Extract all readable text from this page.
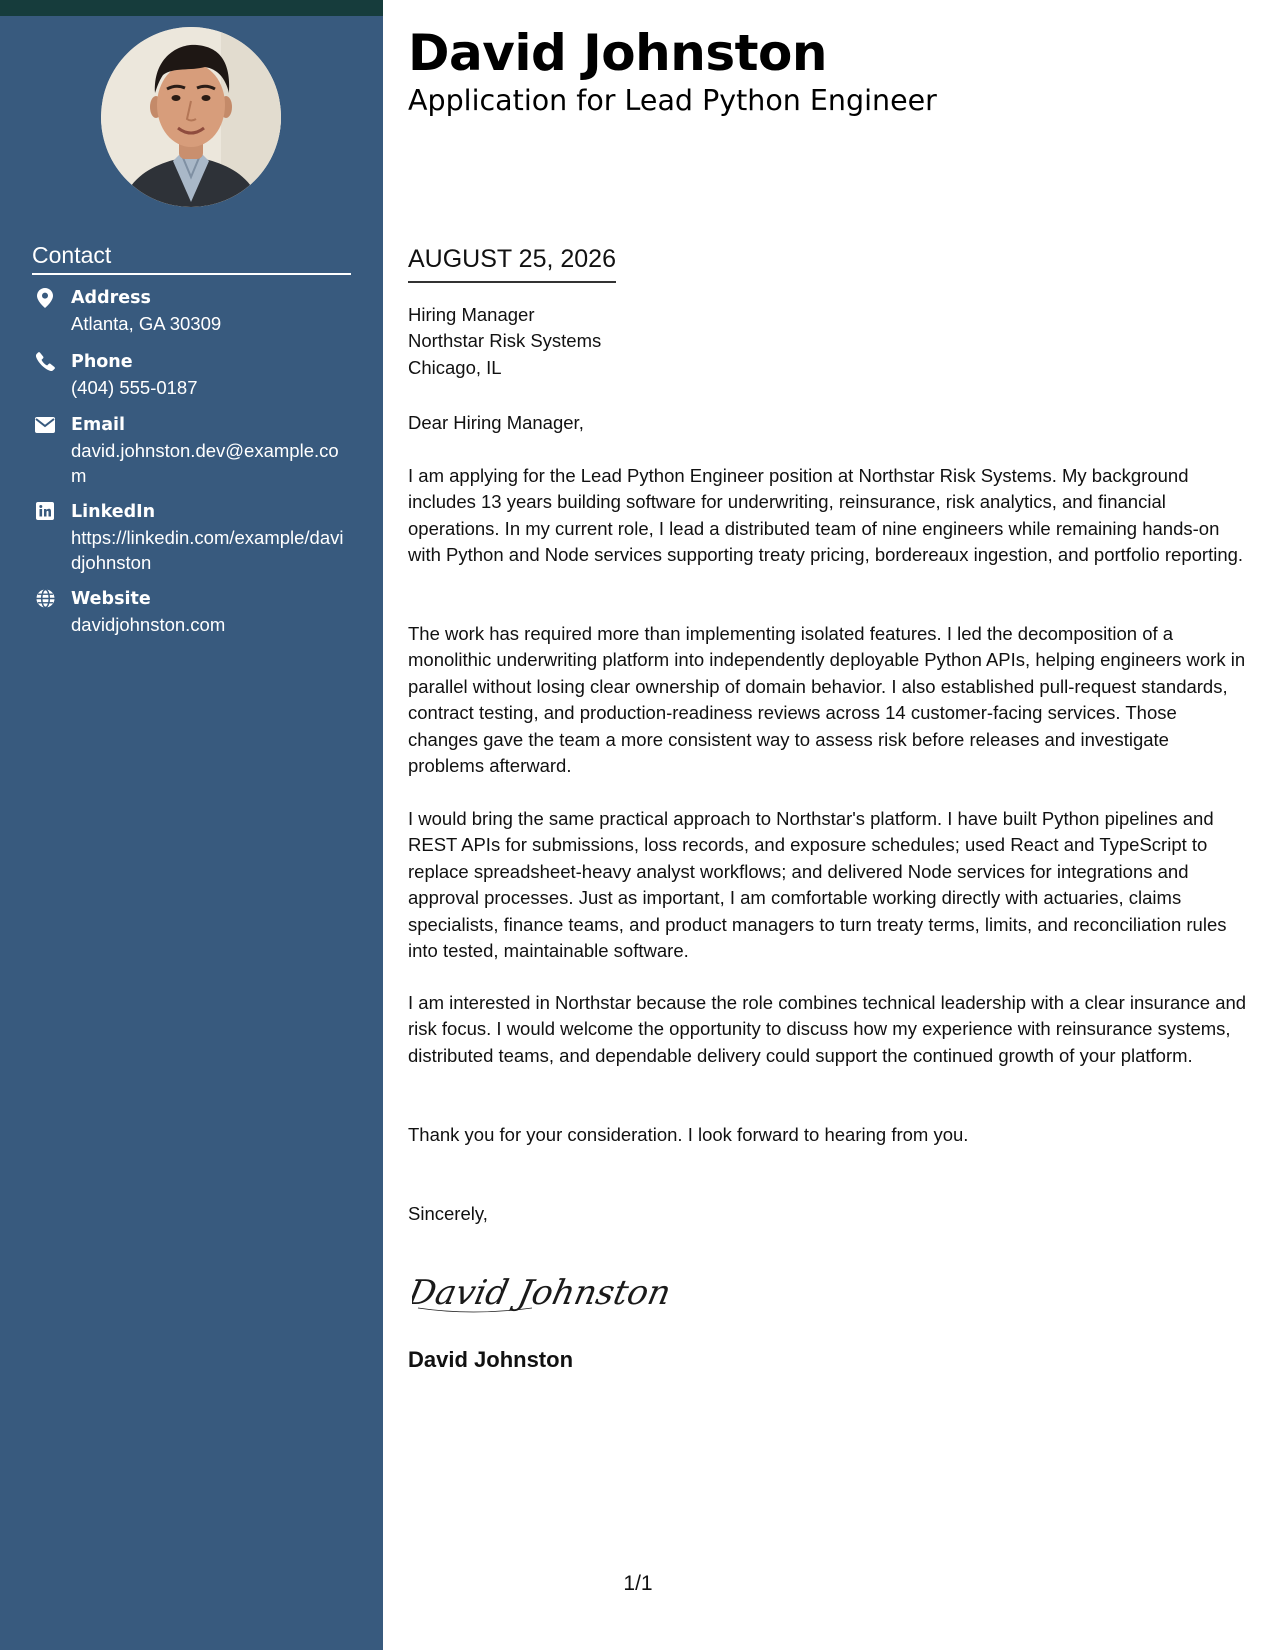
Contact
Address
Atlanta, GA 30309
Phone
(404) 555-0187
Email
david.johnston.dev@example.com
LinkedIn
https://linkedin.com/example/davidjohnston
Website
davidjohnston.com
David Johnston
Application for Lead Python Engineer
AUGUST 25, 2026
Hiring Manager
Northstar Risk Systems
Chicago, IL
Dear Hiring Manager,

I am applying for the Lead Python Engineer position at Northstar Risk Systems. My background includes 13 years building software for underwriting, reinsurance, risk analytics, and financial operations. In my current role, I lead a distributed team of nine engineers while remaining hands-on with Python and Node services supporting treaty pricing, bordereaux ingestion, and portfolio reporting.

The work has required more than implementing isolated features. I led the decomposition of a monolithic underwriting platform into independently deployable Python APIs, helping engineers work in parallel without losing clear ownership of domain behavior. I also established pull-request standards, contract testing, and production-readiness reviews across 14 customer-facing services. Those changes gave the team a more consistent way to assess risk before releases and investigate problems afterward.

I would bring the same practical approach to Northstar's platform. I have built Python pipelines and REST APIs for submissions, loss records, and exposure schedules; used React and TypeScript to replace spreadsheet-heavy analyst workflows; and delivered Node services for integrations and approval processes. Just as important, I am comfortable working directly with actuaries, claims specialists, finance teams, and product managers to turn treaty terms, limits, and reconciliation rules into tested, maintainable software.

I am interested in Northstar because the role combines technical leadership with a clear insurance and risk focus. I would welcome the opportunity to discuss how my experience with reinsurance systems, distributed teams, and dependable delivery could support the continued growth of your platform.

Thank you for your consideration. I look forward to hearing from you.

Sincerely,
David Johnston
David Johnston
1/1
